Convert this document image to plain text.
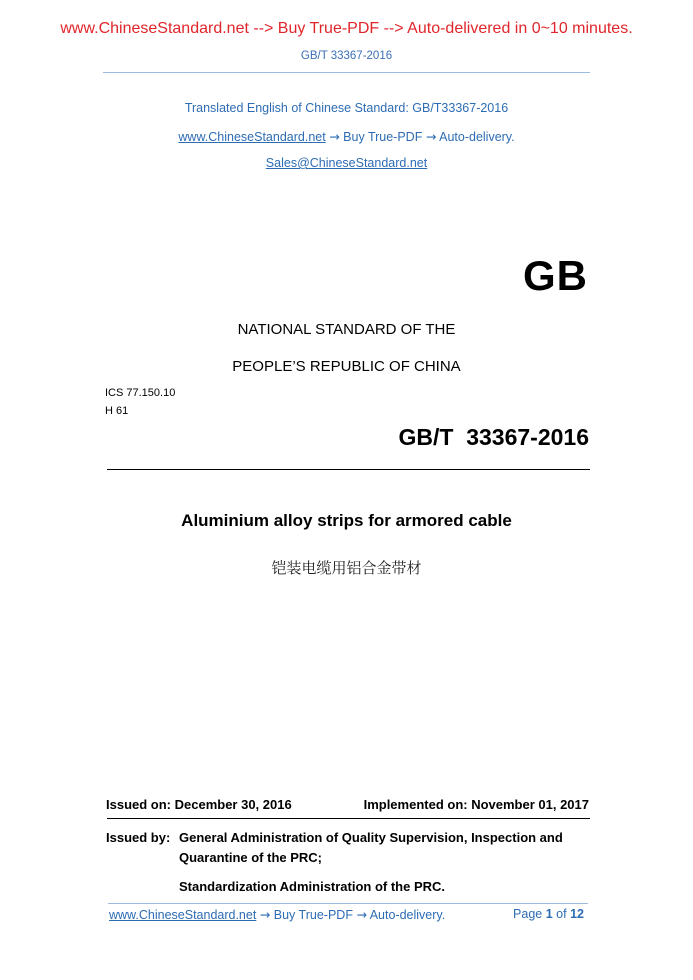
www.ChineseStandard.net --> Buy True-PDF --> Auto-delivered in 0~10 minutes.
GB/T 33367-2016
Translated English of Chinese Standard: GB/T33367-2016
www.ChineseStandard.net → Buy True-PDF → Auto-delivery.
Sales@ChineseStandard.net
GB
NATIONAL STANDARD OF THE
PEOPLE’S REPUBLIC OF CHINA
ICS 77.150.10
H 61
GB/T  33367-2016
Aluminium alloy strips for armored cable
铠装电缆用铝合金带材
Issued on: December 30, 2016	Implemented on: November 01, 2017
Issued by: General Administration of Quality Supervision, Inspection and
Quarantine of the PRC;
Standardization Administration of the PRC.
www.ChineseStandard.net → Buy True-PDF → Auto-delivery.	Page 1 of 12
